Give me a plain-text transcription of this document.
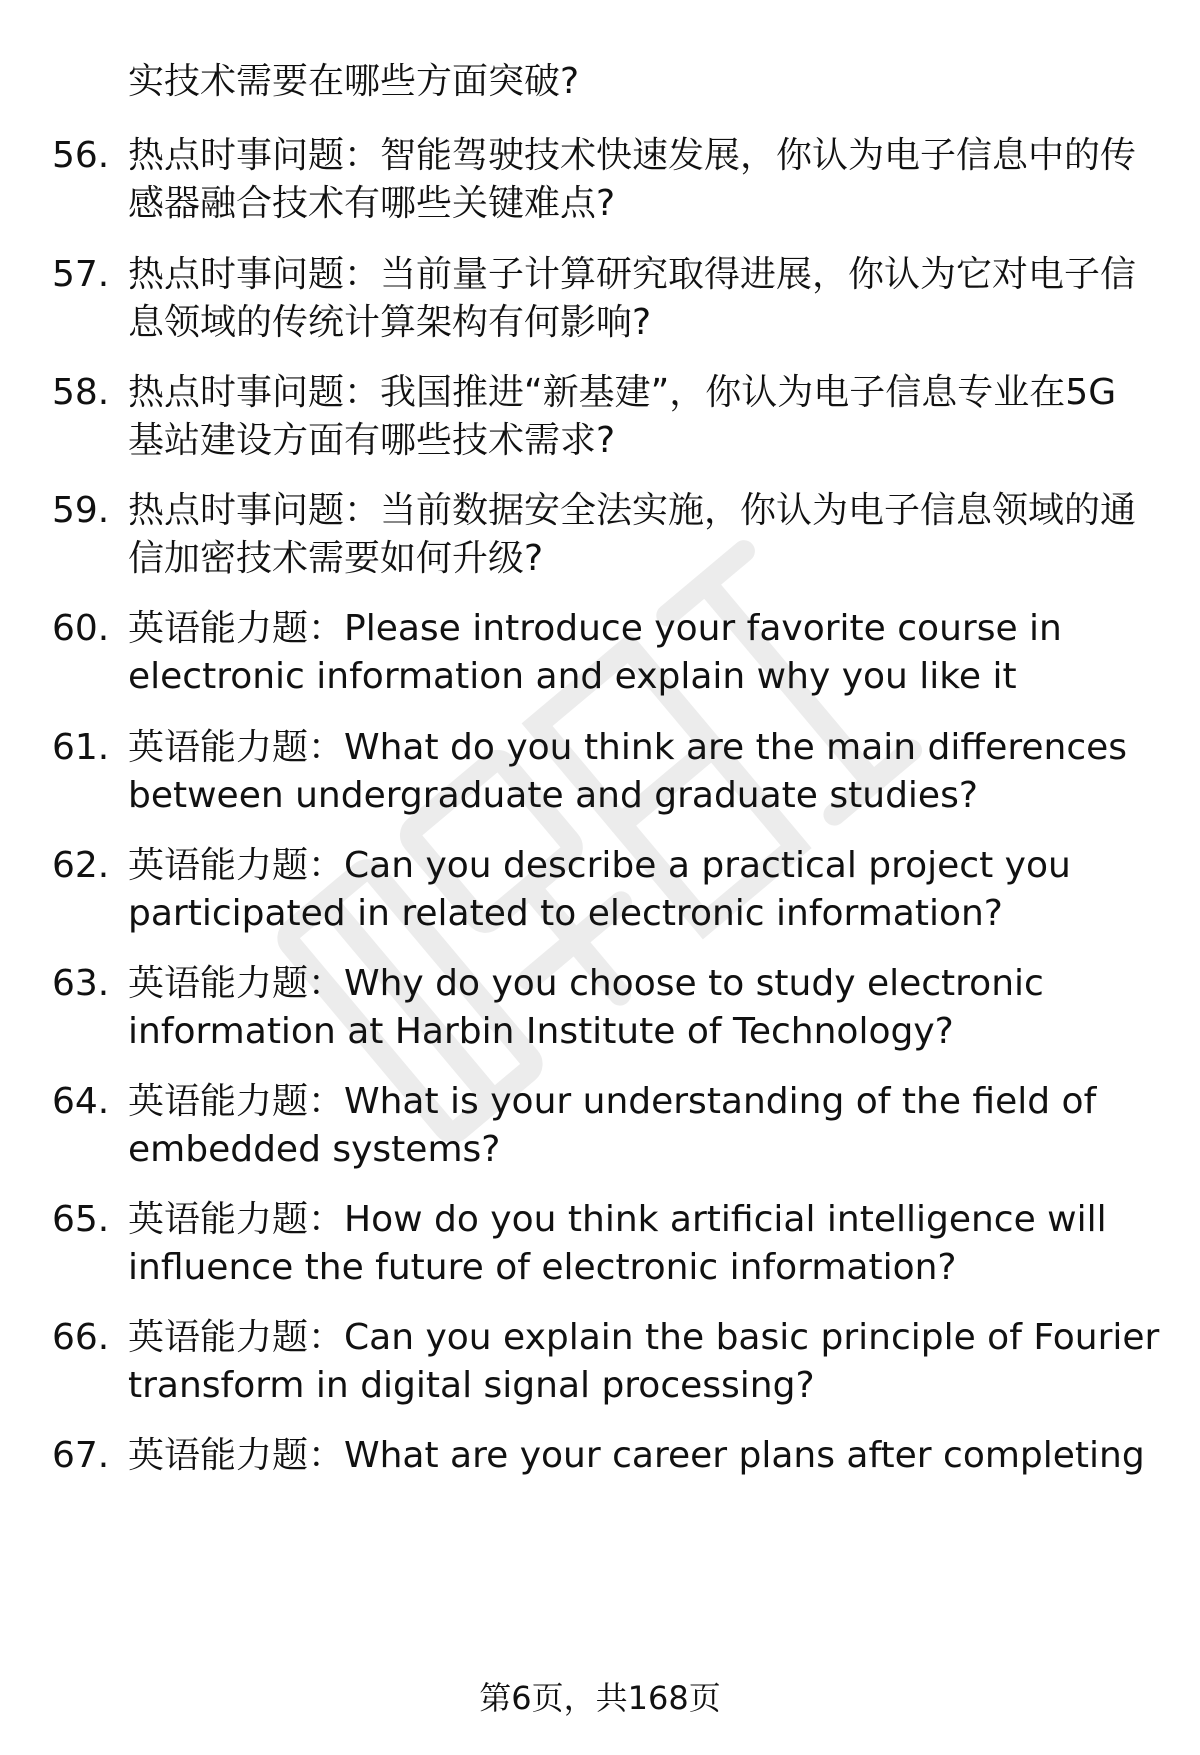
实技术需要在哪些方面突破?
56. 热点时事问题：智能驾驶技术快速发展，你认为电子信息中的传
感器融合技术有哪些关键难点?
57. 热点时事问题：当前量子计算研究取得进展，你认为它对电子信
息领域的传统计算架构有何影响?
58. 热点时事问题：我国推进“新基建”，你认为电子信息专业在5G
基站建设方面有哪些技术需求?
59. 热点时事问题：当前数据安全法实施，你认为电子信息领域的通
信加密技术需要如何升级?
60. 英语能力题：Please introduce your favorite course in
electronic information and explain why you like it
61. 英语能力题：What do you think are the main differences
between undergraduate and graduate studies?
62. 英语能力题：Can you describe a practical project you
participated in related to electronic information?
63. 英语能力题：Why do you choose to study electronic
information at Harbin Institute of Technology?
64. 英语能力题：What is your understanding of the field of
embedded systems?
65. 英语能力题：How do you think artificial intelligence will
influence the future of electronic information?
66. 英语能力题：Can you explain the basic principle of Fourier
transform in digital signal processing?
67. 英语能力题：What are your career plans after completing
第6页，共168页
